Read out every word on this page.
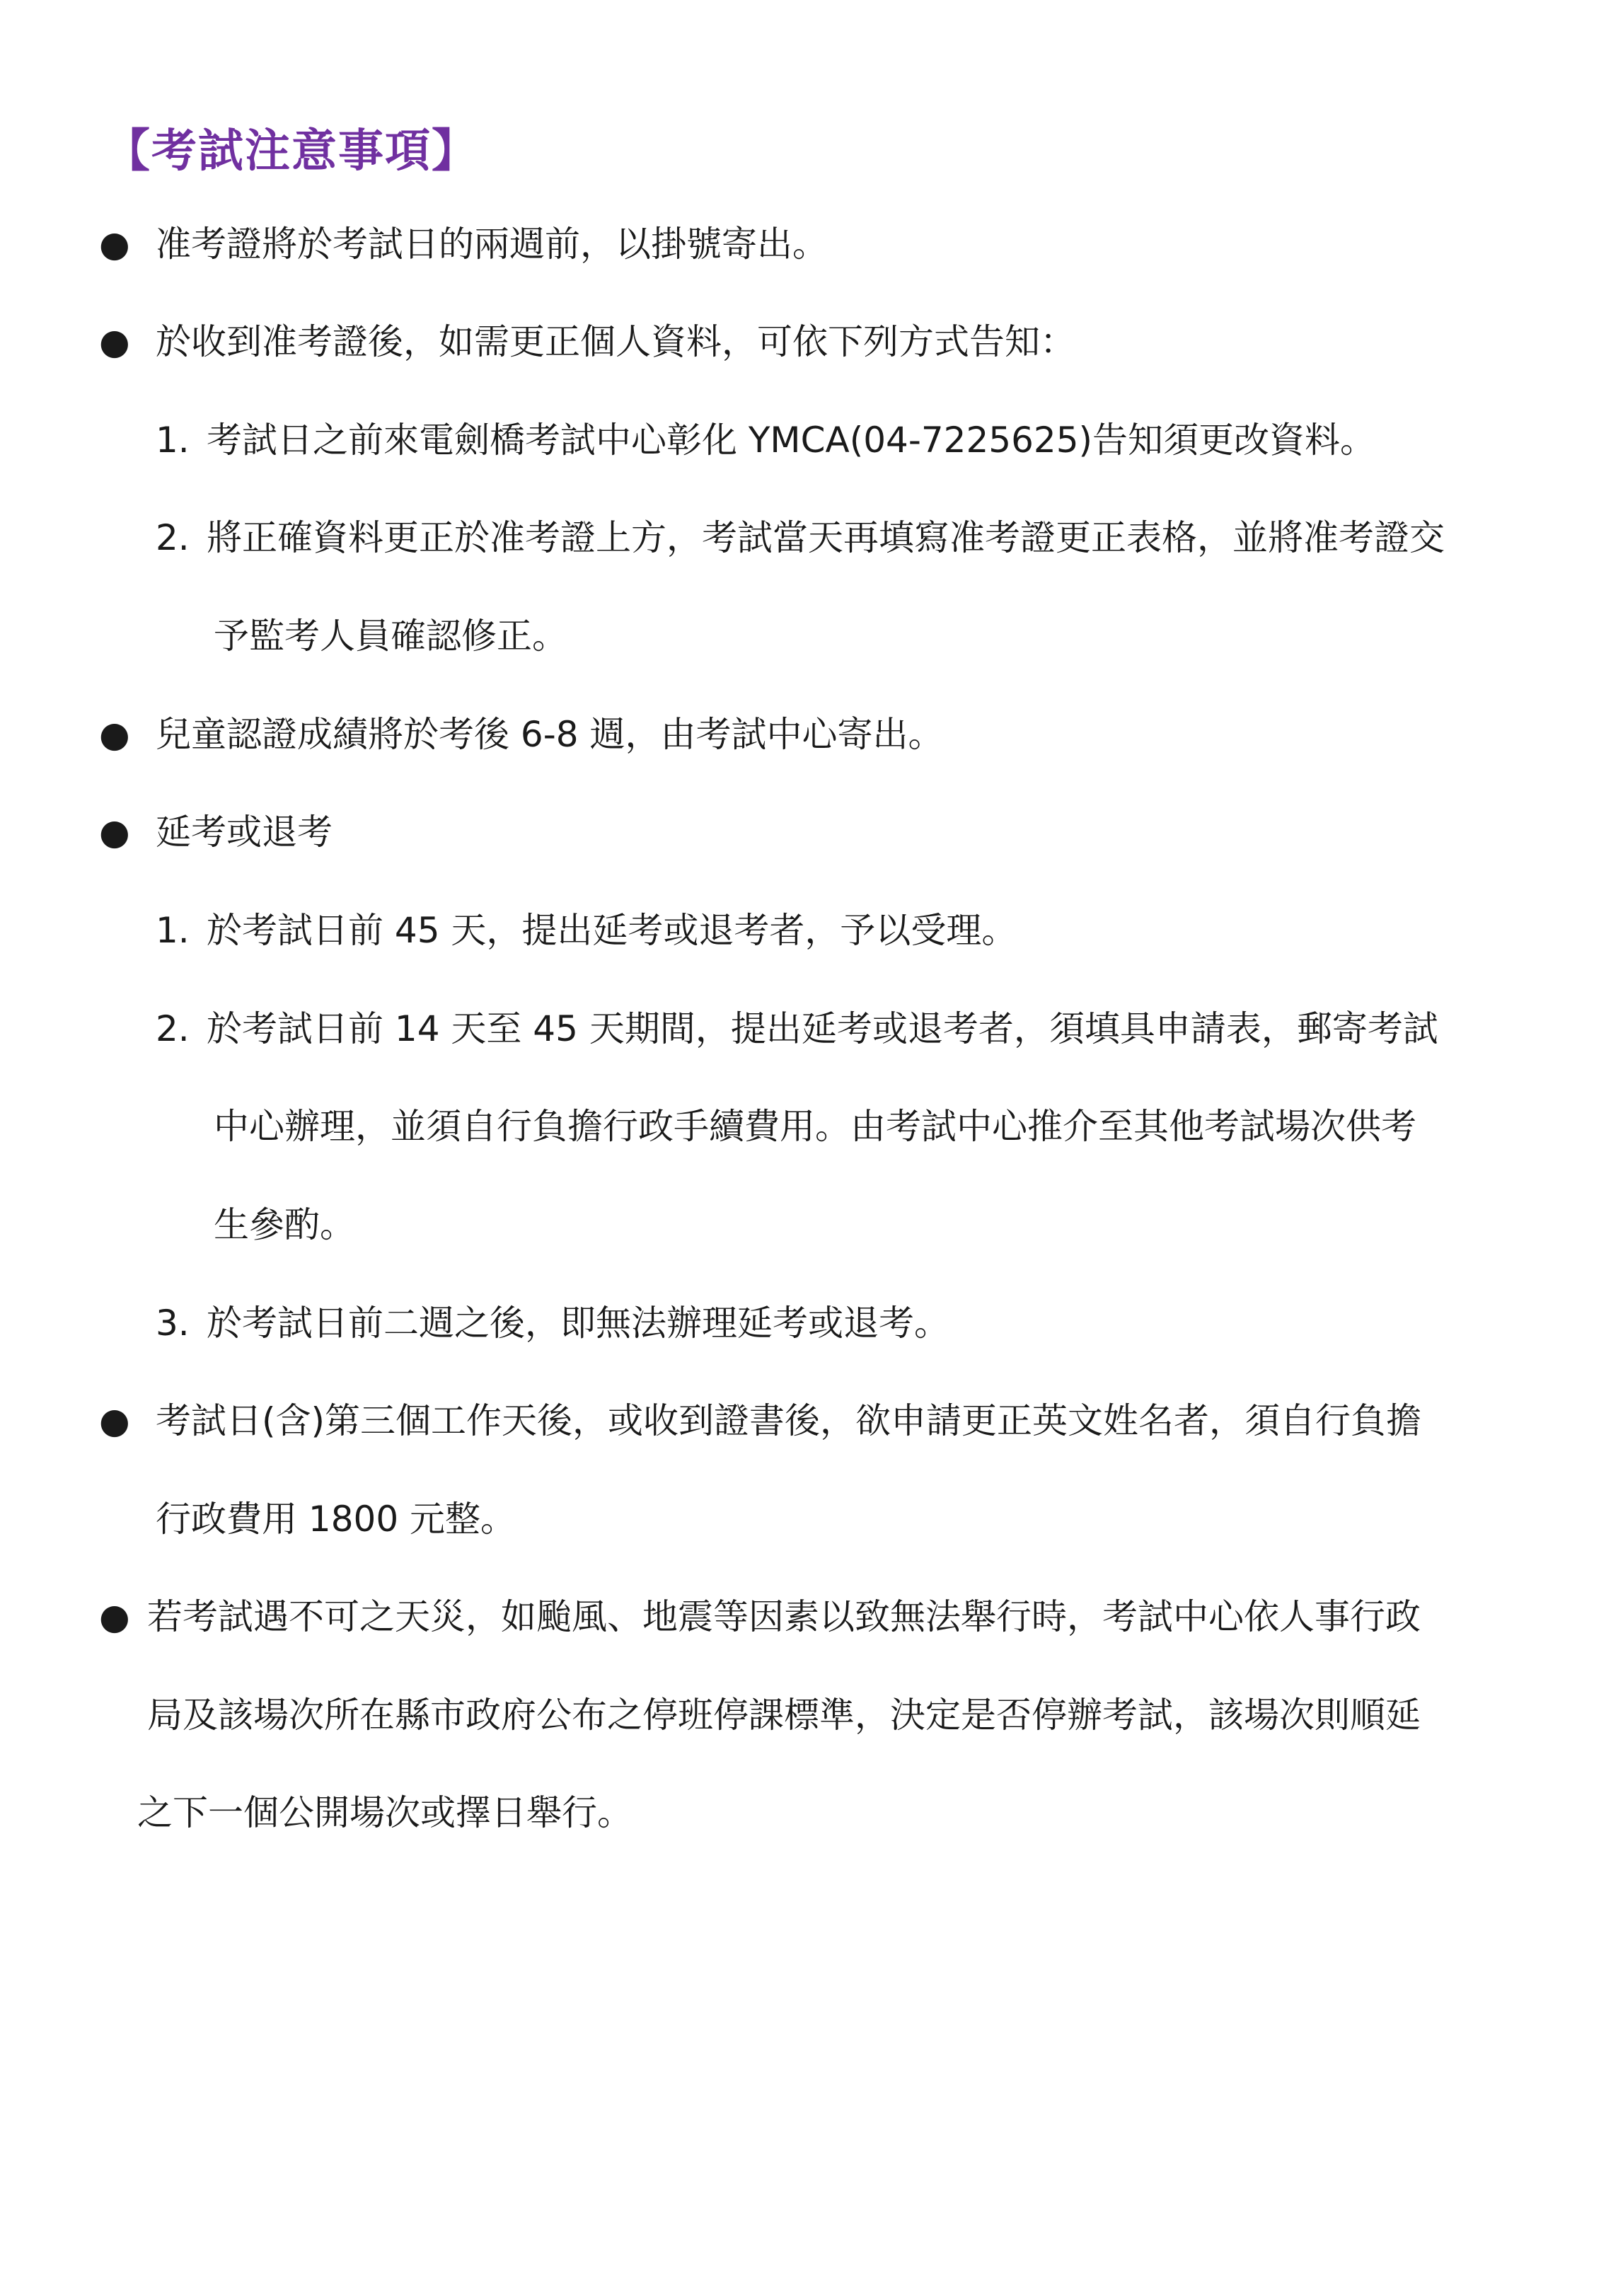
【考試注意事項】
● 准考證將於考試日的兩週前，以掛號寄出。
● 於收到准考證後，如需更正個人資料，可依下列方式告知：
1. 考試日之前來電劍橋考試中心彰化 YMCA(04-7225625)告知須更改資料。
2. 將正確資料更正於准考證上方，考試當天再填寫准考證更正表格，並將准考證交
予監考人員確認修正。
● 兒童認證成績將於考後 6-8 週，由考試中心寄出。
● 延考或退考
1. 於考試日前 45 天，提出延考或退考者，予以受理。
2. 於考試日前 14 天至 45 天期間，提出延考或退考者，須填具申請表，郵寄考試
中心辦理，並須自行負擔行政手續費用。由考試中心推介至其他考試場次供考
生參酌。
3. 於考試日前二週之後，即無法辦理延考或退考。
● 考試日(含)第三個工作天後，或收到證書後，欲申請更正英文姓名者，須自行負擔
行政費用 1800 元整。
● 若考試遇不可之天災，如颱風、地震等因素以致無法舉行時，考試中心依人事行政
局及該場次所在縣市政府公布之停班停課標準，決定是否停辦考試，該場次則順延
之下一個公開場次或擇日舉行。
